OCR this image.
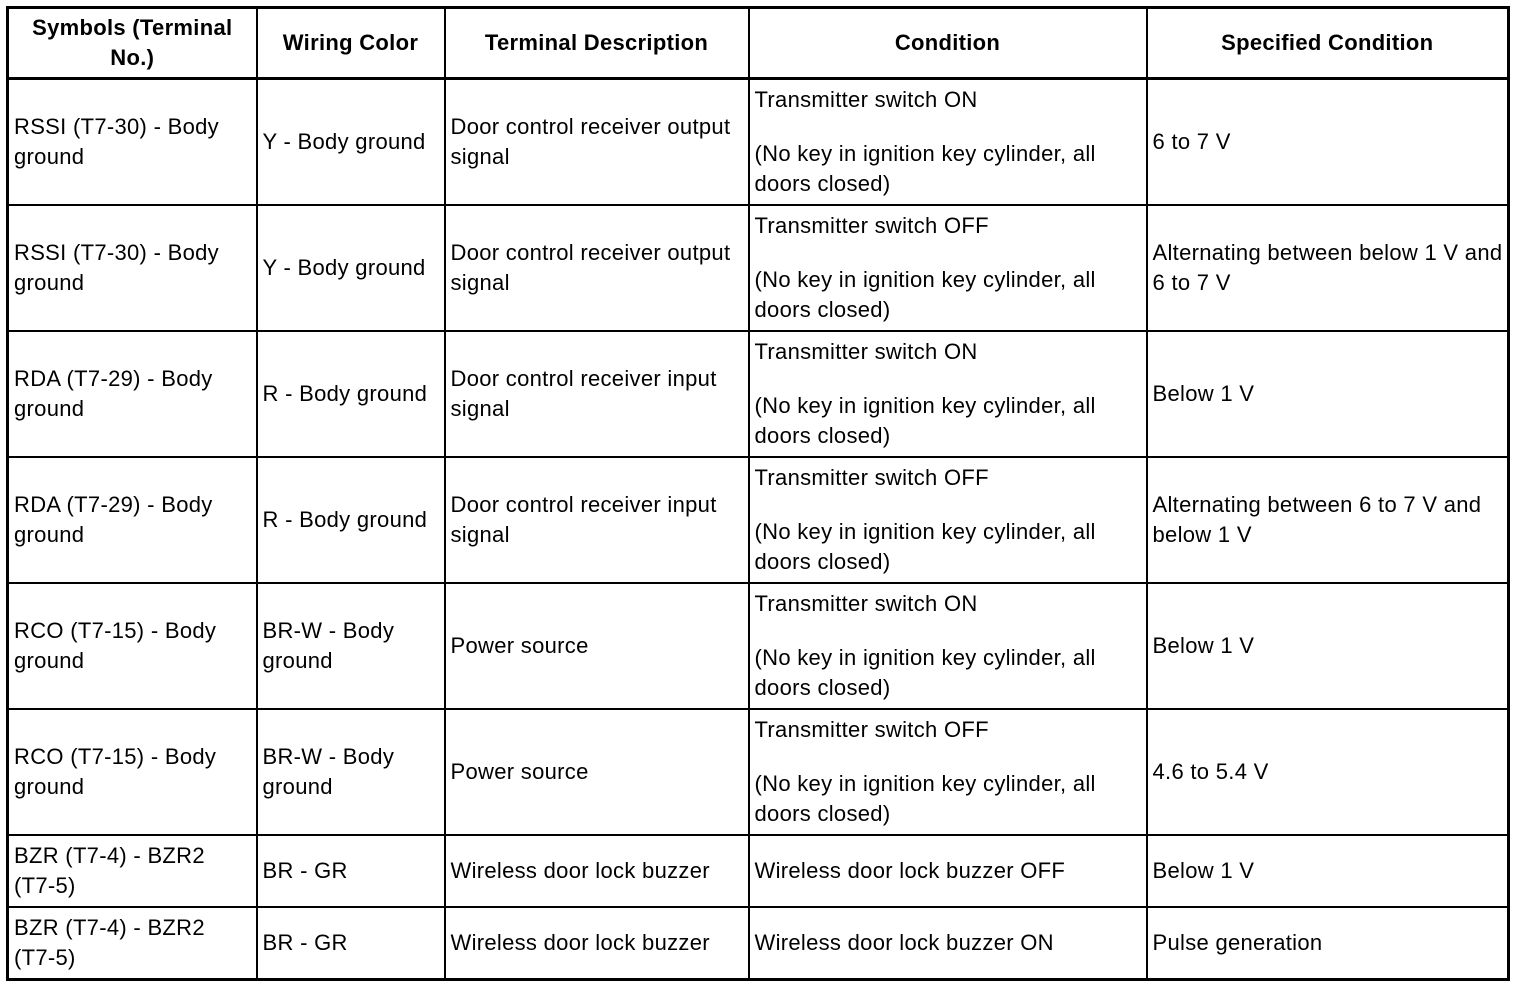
Symbols (Terminal No.)	Wiring Color	Terminal Description	Condition	Specified Condition
RSSI (T7-30) - Body ground	Y - Body ground	Door control receiver output signal	Transmitter switch ON
(No key in ignition key cylinder, all doors closed)	6 to 7 V
RSSI (T7-30) - Body ground	Y - Body ground	Door control receiver output signal	Transmitter switch OFF
(No key in ignition key cylinder, all doors closed)	Alternating between below 1 V and 6 to 7 V
RDA (T7-29) - Body ground	R - Body ground	Door control receiver input signal	Transmitter switch ON
(No key in ignition key cylinder, all doors closed)	Below 1 V
RDA (T7-29) - Body ground	R - Body ground	Door control receiver input signal	Transmitter switch OFF
(No key in ignition key cylinder, all doors closed)	Alternating between 6 to 7 V and below 1 V
RCO (T7-15) - Body ground	BR-W - Body ground	Power source	Transmitter switch ON
(No key in ignition key cylinder, all doors closed)	Below 1 V
RCO (T7-15) - Body ground	BR-W - Body ground	Power source	Transmitter switch OFF
(No key in ignition key cylinder, all doors closed)	4.6 to 5.4 V
BZR (T7-4) - BZR2 (T7-5)	BR - GR	Wireless door lock buzzer	Wireless door lock buzzer OFF	Below 1 V
BZR (T7-4) - BZR2 (T7-5)	BR - GR	Wireless door lock buzzer	Wireless door lock buzzer ON	Pulse generation
